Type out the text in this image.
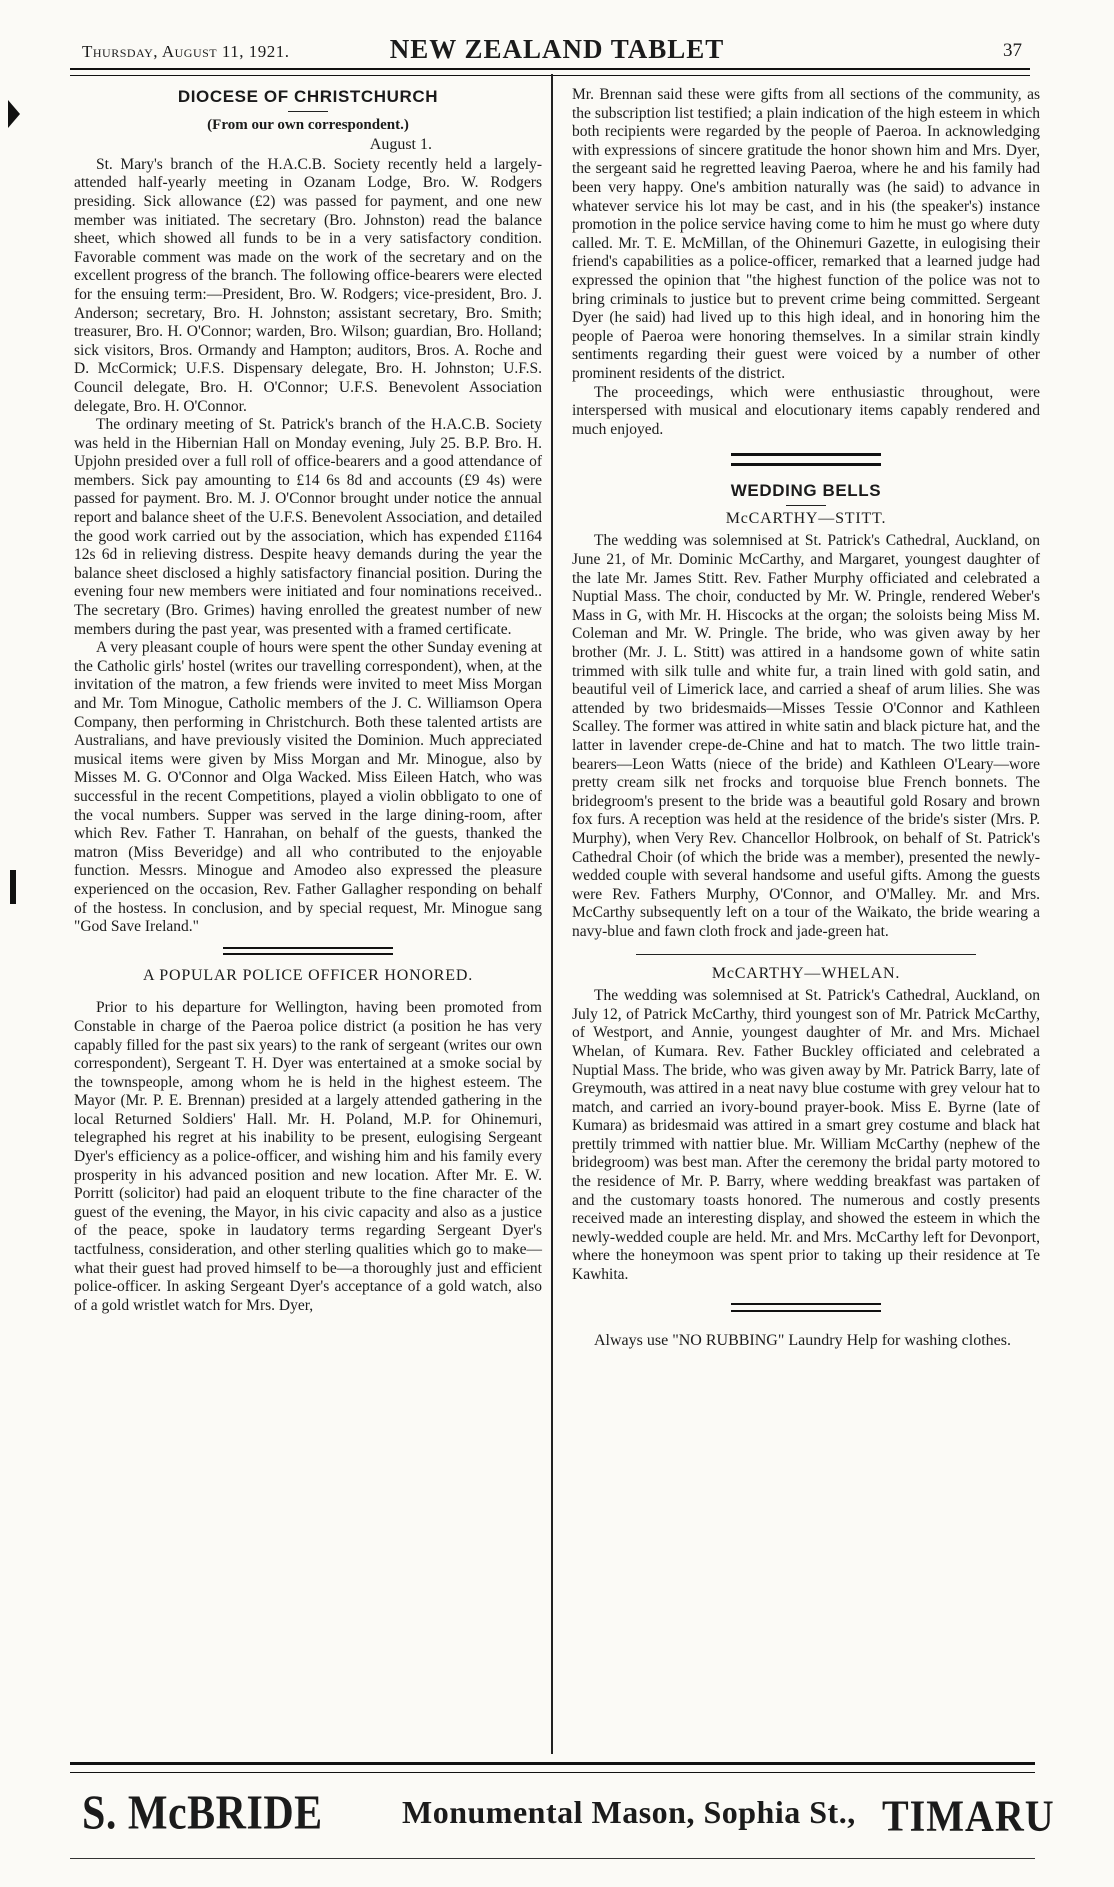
Thursday, August 11, 1921.	NEW ZEALAND TABLET	37
DIOCESE OF CHRISTCHURCH
(From our own correspondent.)
August 1.

St. Mary's branch of the H.A.C.B. Society recently held a largely-attended half-yearly meeting in Ozanam Lodge, Bro. W. Rodgers presiding. Sick allowance (£2) was passed for payment, and one new member was initiated. The secretary (Bro. Johnston) read the balance sheet, which showed all funds to be in a very satisfactory condition. Favorable comment was made on the work of the secretary and on the excellent progress of the branch. The following office-bearers were elected for the ensuing term:—President, Bro. W. Rodgers; vice-president, Bro. J. Anderson; secretary, Bro. H. Johnston; assistant secretary, Bro. Smith; treasurer, Bro. H. O'Connor; warden, Bro. Wilson; guardian, Bro. Holland; sick visitors, Bros. Ormandy and Hampton; auditors, Bros. A. Roche and D. McCormick; U.F.S. Dispensary delegate, Bro. H. Johnston; U.F.S. Council delegate, Bro. H. O'Connor; U.F.S. Benevolent Association delegate, Bro. H. O'Connor.

The ordinary meeting of St. Patrick's branch of the H.A.C.B. Society was held in the Hibernian Hall on Monday evening, July 25. B.P. Bro. H. Upjohn presided over a full roll of office-bearers and a good attendance of members. Sick pay amounting to £14 6s 8d and accounts (£9 4s) were passed for payment. Bro. M. J. O'Connor brought under notice the annual report and balance sheet of the U.F.S. Benevolent Association, and detailed the good work carried out by the association, which has expended £1164 12s 6d in relieving distress. Despite heavy demands during the year the balance sheet disclosed a highly satisfactory financial position. During the evening four new members were initiated and four nominations received.. The secretary (Bro. Grimes) having enrolled the greatest number of new members during the past year, was presented with a framed certificate.

A very pleasant couple of hours were spent the other Sunday evening at the Catholic girls' hostel (writes our travelling correspondent), when, at the invitation of the matron, a few friends were invited to meet Miss Morgan and Mr. Tom Minogue, Catholic members of the J. C. Williamson Opera Company, then performing in Christchurch. Both these talented artists are Australians, and have previously visited the Dominion. Much appreciated musical items were given by Miss Morgan and Mr. Minogue, also by Misses M. G. O'Connor and Olga Wacked. Miss Eileen Hatch, who was successful in the recent Competitions, played a violin obbligato to one of the vocal numbers. Supper was served in the large dining-room, after which Rev. Father T. Hanrahan, on behalf of the guests, thanked the matron (Miss Beveridge) and all who contributed to the enjoyable function. Messrs. Minogue and Amodeo also expressed the pleasure experienced on the occasion, Rev. Father Gallagher responding on behalf of the hostess. In conclusion, and by special request, Mr. Minogue sang "God Save Ireland."

A POPULAR POLICE OFFICER HONORED.

Prior to his departure for Wellington, having been promoted from Constable in charge of the Paeroa police district (a position he has very capably filled for the past six years) to the rank of sergeant (writes our own correspondent), Sergeant T. H. Dyer was entertained at a smoke social by the townspeople, among whom he is held in the highest esteem. The Mayor (Mr. P. E. Brennan) presided at a largely attended gathering in the local Returned Soldiers' Hall. Mr. H. Poland, M.P. for Ohinemuri, telegraphed his regret at his inability to be present, eulogising Sergeant Dyer's efficiency as a police-officer, and wishing him and his family every prosperity in his advanced position and new location. After Mr. E. W. Porritt (solicitor) had paid an eloquent tribute to the fine character of the guest of the evening, the Mayor, in his civic capacity and also as a justice of the peace, spoke in laudatory terms regarding Sergeant Dyer's tactfulness, consideration, and other sterling qualities which go to make—what their guest had proved himself to be—a thoroughly just and efficient police-officer. In asking Sergeant Dyer's acceptance of a gold watch, also of a gold wristlet watch for Mrs. Dyer,

Mr. Brennan said these were gifts from all sections of the community, as the subscription list testified; a plain indication of the high esteem in which both recipients were regarded by the people of Paeroa. In acknowledging with expressions of sincere gratitude the honor shown him and Mrs. Dyer, the sergeant said he regretted leaving Paeroa, where he and his family had been very happy. One's ambition naturally was (he said) to advance in whatever service his lot may be cast, and in his (the speaker's) instance promotion in the police service having come to him he must go where duty called. Mr. T. E. McMillan, of the Ohinemuri Gazette, in eulogising their friend's capabilities as a police-officer, remarked that a learned judge had expressed the opinion that "the highest function of the police was not to bring criminals to justice but to prevent crime being committed. Sergeant Dyer (he said) had lived up to this high ideal, and in honoring him the people of Paeroa were honoring themselves. In a similar strain kindly sentiments regarding their guest were voiced by a number of other prominent residents of the district.

The proceedings, which were enthusiastic throughout, were interspersed with musical and elocutionary items capably rendered and much enjoyed.

WEDDING BELLS
McCARTHY—STITT.

The wedding was solemnised at St. Patrick's Cathedral, Auckland, on June 21, of Mr. Dominic McCarthy, and Margaret, youngest daughter of the late Mr. James Stitt. Rev. Father Murphy officiated and celebrated a Nuptial Mass. The choir, conducted by Mr. W. Pringle, rendered Weber's Mass in G, with Mr. H. Hiscocks at the organ; the soloists being Miss M. Coleman and Mr. W. Pringle. The bride, who was given away by her brother (Mr. J. L. Stitt) was attired in a handsome gown of white satin trimmed with silk tulle and white fur, a train lined with gold satin, and beautiful veil of Limerick lace, and carried a sheaf of arum lilies. She was attended by two bridesmaids—Misses Tessie O'Connor and Kathleen Scalley. The former was attired in white satin and black picture hat, and the latter in lavender crepe-de-Chine and hat to match. The two little train-bearers—Leon Watts (niece of the bride) and Kathleen O'Leary—wore pretty cream silk net frocks and torquoise blue French bonnets. The bridegroom's present to the bride was a beautiful gold Rosary and brown fox furs. A reception was held at the residence of the bride's sister (Mrs. P. Murphy), when Very Rev. Chancellor Holbrook, on behalf of St. Patrick's Cathedral Choir (of which the bride was a member), presented the newly-wedded couple with several handsome and useful gifts. Among the guests were Rev. Fathers Murphy, O'Connor, and O'Malley. Mr. and Mrs. McCarthy subsequently left on a tour of the Waikato, the bride wearing a navy-blue and fawn cloth frock and jade-green hat.

McCARTHY—WHELAN.

The wedding was solemnised at St. Patrick's Cathedral, Auckland, on July 12, of Patrick McCarthy, third youngest son of Mr. Patrick McCarthy, of Westport, and Annie, youngest daughter of Mr. and Mrs. Michael Whelan, of Kumara. Rev. Father Buckley officiated and celebrated a Nuptial Mass. The bride, who was given away by Mr. Patrick Barry, late of Greymouth, was attired in a neat navy blue costume with grey velour hat to match, and carried an ivory-bound prayer-book. Miss E. Byrne (late of Kumara) as bridesmaid was attired in a smart grey costume and black hat prettily trimmed with nattier blue. Mr. William McCarthy (nephew of the bridegroom) was best man. After the ceremony the bridal party motored to the residence of Mr. P. Barry, where wedding breakfast was partaken of and the customary toasts honored. The numerous and costly presents received made an interesting display, and showed the esteem in which the newly-wedded couple are held. Mr. and Mrs. McCarthy left for Devonport, where the honeymoon was spent prior to taking up their residence at Te Kawhita.

Always use "NO RUBBING" Laundry Help for washing clothes.

S. McBRIDE Monumental Mason, Sophia St., TIMARU
